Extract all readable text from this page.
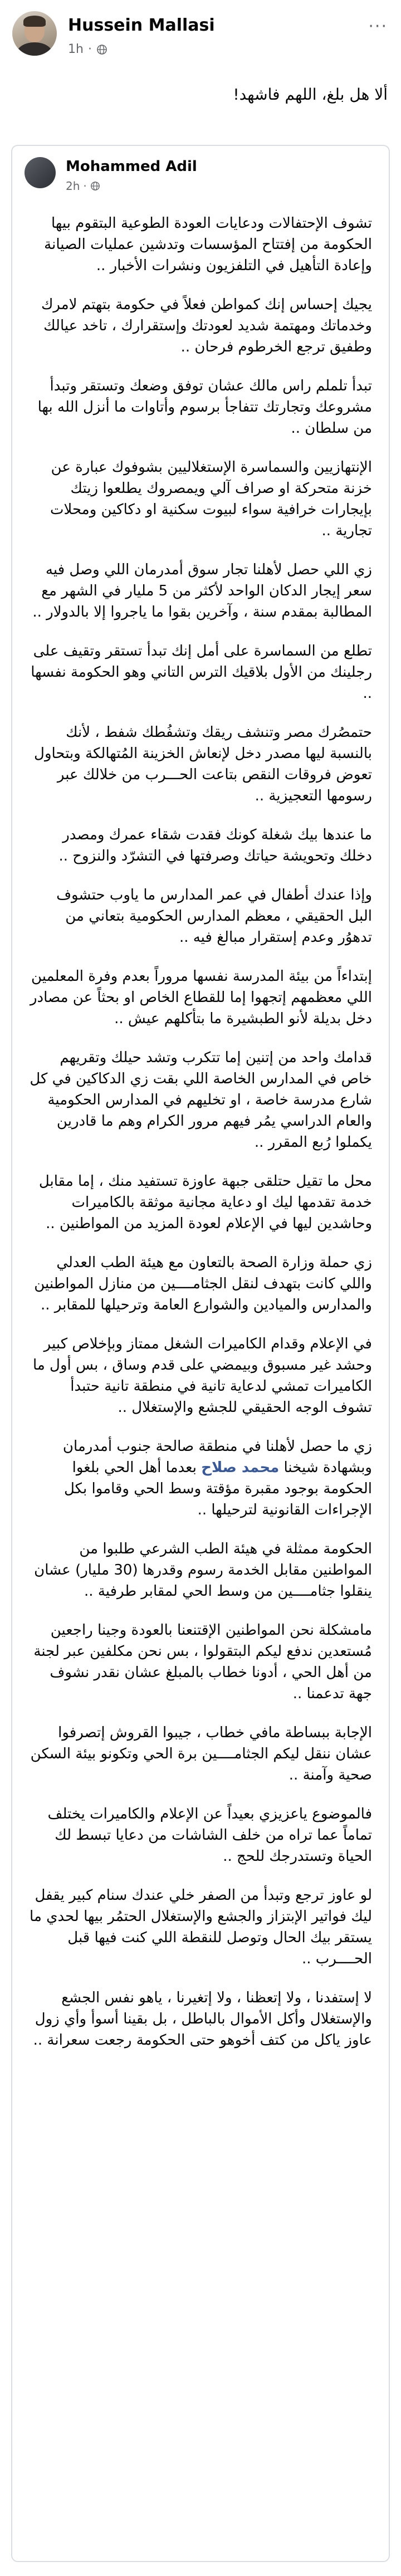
Hussein Mallasi
1h ·
···
ألا هل بلغ، اللهم فاشهد!
Mohammed Adil
2h ·

تشوف الإحتفالات ودعايات العودة الطوعية البتقوم بيها الحكومة من إفتتاح المؤسسات وتدشين عمليات الصيانة وإعادة التأهيل في التلفزيون ونشرات الأخبار ..

يجيك إحساس إنك كمواطن فعلاً في حكومة بتهتم لامرك وخدماتك ومهتمة شديد لعودتك وإستقرارك ، تاخد عيالك وطفيق ترجع الخرطوم فرحان ..

تبدأ تلملم راس مالك عشان توفق وضعك وتستقر وتبدأ مشروعك وتجارتك تتفاجأ برسوم وأتاوات ما أنزل الله بها من سلطان ..

الإنتهازيين والسماسرة الإستغلاليين بشوفوك عبارة عن خزنة متحركة او صراف آلي ويمصروك يطلعوا زيتك بإيجارات خرافية سواء لبيوت سكنية او دكاكين ومحلات تجارية ..

زي اللي حصل لأهلنا تجار سوق أمدرمان اللي وصل فيه سعر إيجار الدكان الواحد لأكثر من 5 مليار في الشهر مع المطالبة بمقدم سنة ، وآخرين بقوا ما ياجروا إلا بالدولار ..

تطلع من السماسرة على أمل إنك تبدأ تستقر وتقيف على رجلينك من الأول بلاقيك الترس التاني وهو الحكومة نفسها ..

حتمصُرك مصر وتنشف ريقك وتشفُطك شفط ، لأنك بالنسبة ليها مصدر دخل لإنعاش الخزينة المُتهالكة وبتحاول تعوض فروقات النقص بتاعت الحـــرب من خلالك عبر رسومها التعجيزية ..

ما عندها بيك شغلة كونك فقدت شقاء عمرك ومصدر دخلك وتحويشة حياتك وصرفتها في التشرّد والنزوح ..

وإذا عندك أطفال في عمر المدارس ما ياوب حتشوف البل الحقيقي ، معظم المدارس الحكومية بتعاني من تدهوُر وعدم إستقرار مبالغ فيه ..

إبتداءاً من بيئة المدرسة نفسها مروراً بعدم وفرة المعلمين اللي معظمهم إتجهوا إما للقطاع الخاص او بحثاً عن مصادر دخل بديلة لأنو الطبشيرة ما بتأكلهم عيش ..

قدامك واحد من إتنين إما تتكرب وتشد حيلك وتقريهم خاص في المدارس الخاصة اللي بقت زي الدكاكين في كل شارع مدرسة خاصة ، او تخليهم في المدارس الحكومية والعام الدراسي يمُر فيهم مرور الكرام وهم ما قادرين يكملوا رُبع المقرر ..

محل ما تقيل حتلقى جبهة عاوزة تستفيد منك ، إما مقابل خدمة تقدمها ليك او دعاية مجانية موثقة بالكاميرات وحاشدين ليها في الإعلام لعودة المزيد من المواطنين ..

زي حملة وزارة الصحة بالتعاون مع هيئة الطب العدلي واللي كانت بتهدف لنقل الجثامــــين من منازل المواطنين والمدارس والميادين والشوارع العامة وترحيلها للمقابر ..

في الإعلام وقدام الكاميرات الشغل ممتاز وبإخلاص كبير وحشد غير مسبوق وبيمضي على قدم وساق ، بس أول ما الكاميرات تمشي لدعاية تانية في منطقة تانية حتبدأ تشوف الوجه الحقيقي للجشع والإستغلال ..

زي ما حصل لأهلنا في منطقة صالحة جنوب أمدرمان وبشهادة شيخنا محمد صلاح بعدما أهل الحي بلغوا الحكومة بوجود مقبرة مؤقتة وسط الحي وقاموا بكل الإجراءات القانونية لترحيلها ..

الحكومة ممثلة في هيئة الطب الشرعي طلبوا من المواطنين مقابل الخدمة رسوم وقدرها (30 مليار) عشان ينقلوا جثامــــين من وسط الحي لمقابر طرفية ..

مامشكلة نحن المواطنين الإقتنعنا بالعودة وجينا راجعين مُستعدين ندفع ليكم البتقولوا ، بس نحن مكلفين عبر لجنة من أهل الحي ، أدونا خطاب بالمبلغ عشان نقدر نشوف جهة تدعمنا ..

الإجابة ببساطة مافي خطاب ، جيبوا القروش إتصرفوا عشان ننقل ليكم الجثامــــين برة الحي وتكونو بيئة السكن صحية وآمنة ..

فالموضوع ياعزيزي بعيداً عن الإعلام والكاميرات يختلف تماماً عما تراه من خلف الشاشات من دعايا تبسط لك الحياة وتستدرجك للحج ..

لو عاوز ترجع وتبدأ من الصفر خلي عندك سنام كبير يقفل ليك فواتير الإبتزاز والجشع والإستغلال الحتمُر بيها لحدي ما يستقر بيك الحال وتوصل للنقطة اللي كنت فيها قبل الحــــرب ..

لا إستفدنا ، ولا إتعظنا ، ولا إتغيرنا ، ياهو نفس الجشع والإستغلال وأكل الأموال بالباطل ، بل بقينا أسوأ وأي زول عاوز ياكل من كتف أخوهو حتى الحكومة رجعت سعرانة ..
